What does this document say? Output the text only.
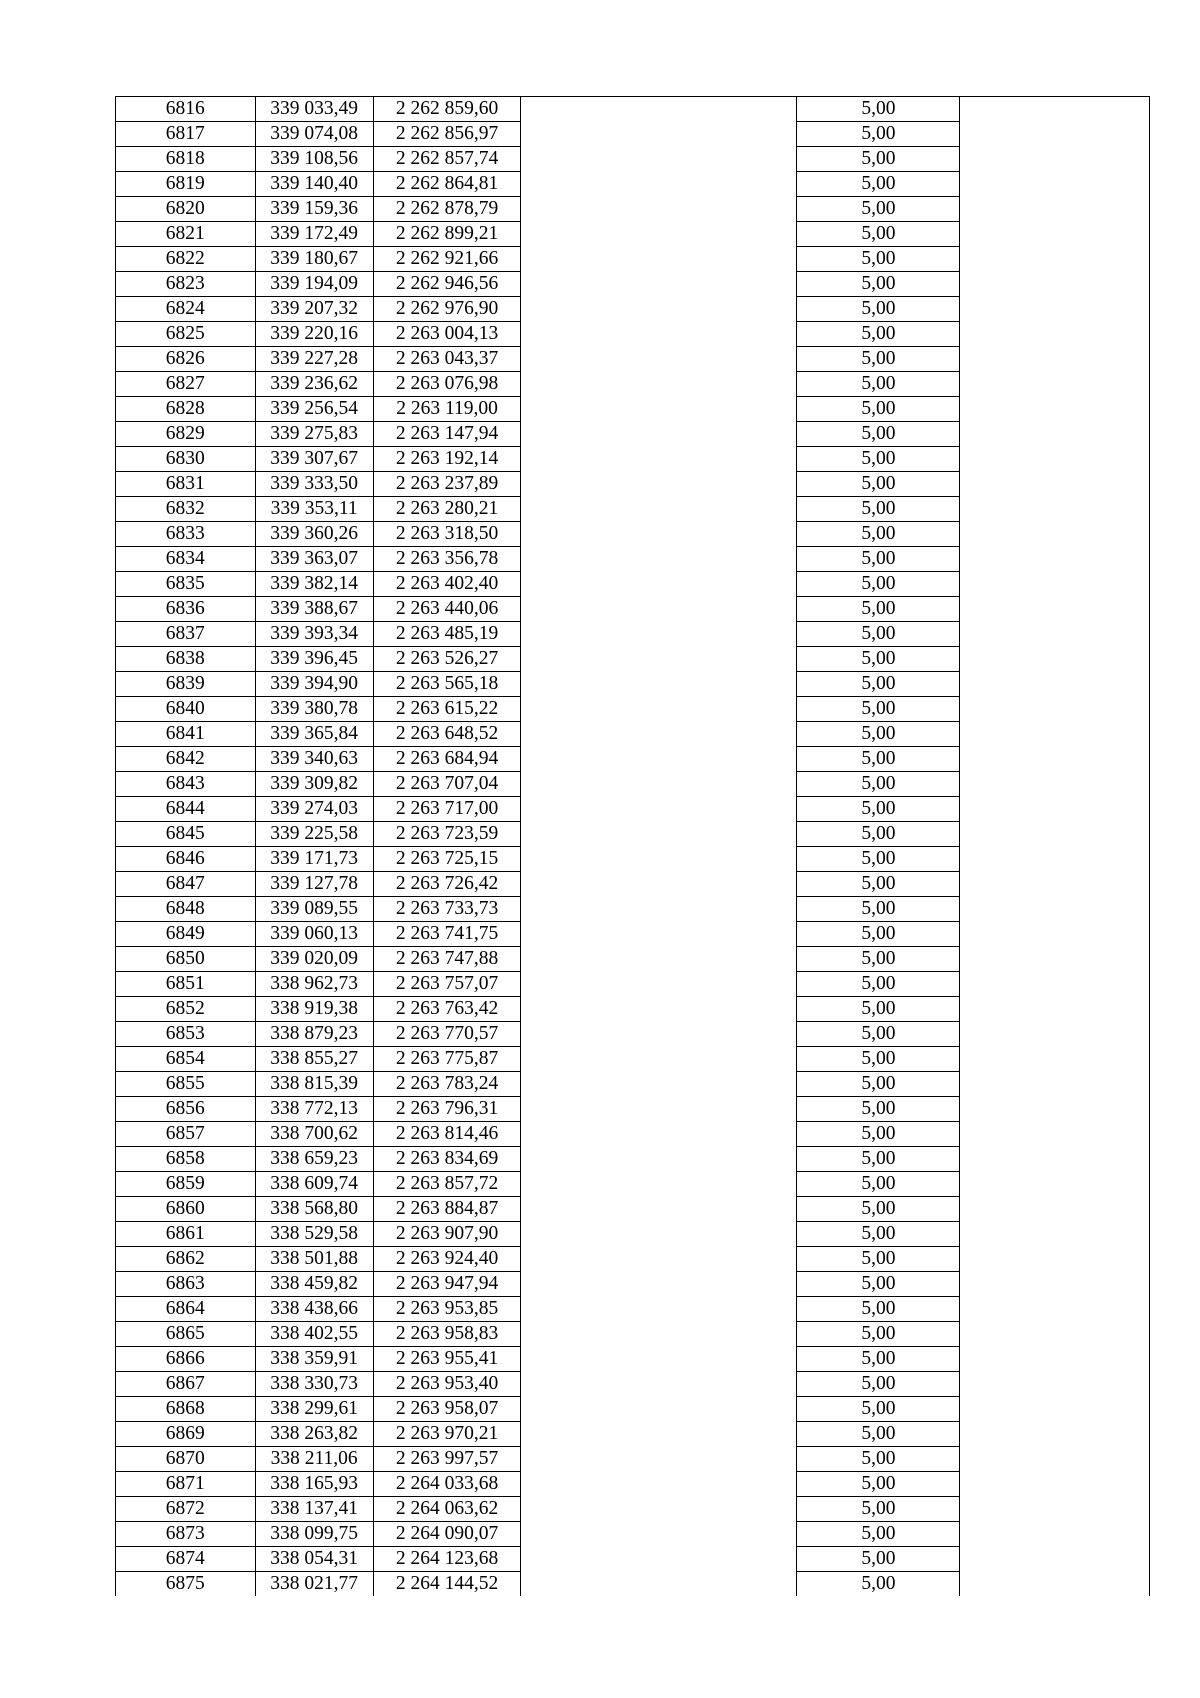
6816	339 033,49	2 262 859,60		5,00	
6817	339 074,08	2 262 856,97		5,00	
6818	339 108,56	2 262 857,74		5,00	
6819	339 140,40	2 262 864,81		5,00	
6820	339 159,36	2 262 878,79		5,00	
6821	339 172,49	2 262 899,21		5,00	
6822	339 180,67	2 262 921,66		5,00	
6823	339 194,09	2 262 946,56		5,00	
6824	339 207,32	2 262 976,90		5,00	
6825	339 220,16	2 263 004,13		5,00	
6826	339 227,28	2 263 043,37		5,00	
6827	339 236,62	2 263 076,98		5,00	
6828	339 256,54	2 263 119,00		5,00	
6829	339 275,83	2 263 147,94		5,00	
6830	339 307,67	2 263 192,14		5,00	
6831	339 333,50	2 263 237,89		5,00	
6832	339 353,11	2 263 280,21		5,00	
6833	339 360,26	2 263 318,50		5,00	
6834	339 363,07	2 263 356,78		5,00	
6835	339 382,14	2 263 402,40		5,00	
6836	339 388,67	2 263 440,06		5,00	
6837	339 393,34	2 263 485,19		5,00	
6838	339 396,45	2 263 526,27		5,00	
6839	339 394,90	2 263 565,18		5,00	
6840	339 380,78	2 263 615,22		5,00	
6841	339 365,84	2 263 648,52		5,00	
6842	339 340,63	2 263 684,94		5,00	
6843	339 309,82	2 263 707,04		5,00	
6844	339 274,03	2 263 717,00		5,00	
6845	339 225,58	2 263 723,59		5,00	
6846	339 171,73	2 263 725,15		5,00	
6847	339 127,78	2 263 726,42		5,00	
6848	339 089,55	2 263 733,73		5,00	
6849	339 060,13	2 263 741,75		5,00	
6850	339 020,09	2 263 747,88		5,00	
6851	338 962,73	2 263 757,07		5,00	
6852	338 919,38	2 263 763,42		5,00	
6853	338 879,23	2 263 770,57		5,00	
6854	338 855,27	2 263 775,87		5,00	
6855	338 815,39	2 263 783,24		5,00	
6856	338 772,13	2 263 796,31		5,00	
6857	338 700,62	2 263 814,46		5,00	
6858	338 659,23	2 263 834,69		5,00	
6859	338 609,74	2 263 857,72		5,00	
6860	338 568,80	2 263 884,87		5,00	
6861	338 529,58	2 263 907,90		5,00	
6862	338 501,88	2 263 924,40		5,00	
6863	338 459,82	2 263 947,94		5,00	
6864	338 438,66	2 263 953,85		5,00	
6865	338 402,55	2 263 958,83		5,00	
6866	338 359,91	2 263 955,41		5,00	
6867	338 330,73	2 263 953,40		5,00	
6868	338 299,61	2 263 958,07		5,00	
6869	338 263,82	2 263 970,21		5,00	
6870	338 211,06	2 263 997,57		5,00	
6871	338 165,93	2 264 033,68		5,00	
6872	338 137,41	2 264 063,62		5,00	
6873	338 099,75	2 264 090,07		5,00	
6874	338 054,31	2 264 123,68		5,00	
6875	338 021,77	2 264 144,52		5,00	
